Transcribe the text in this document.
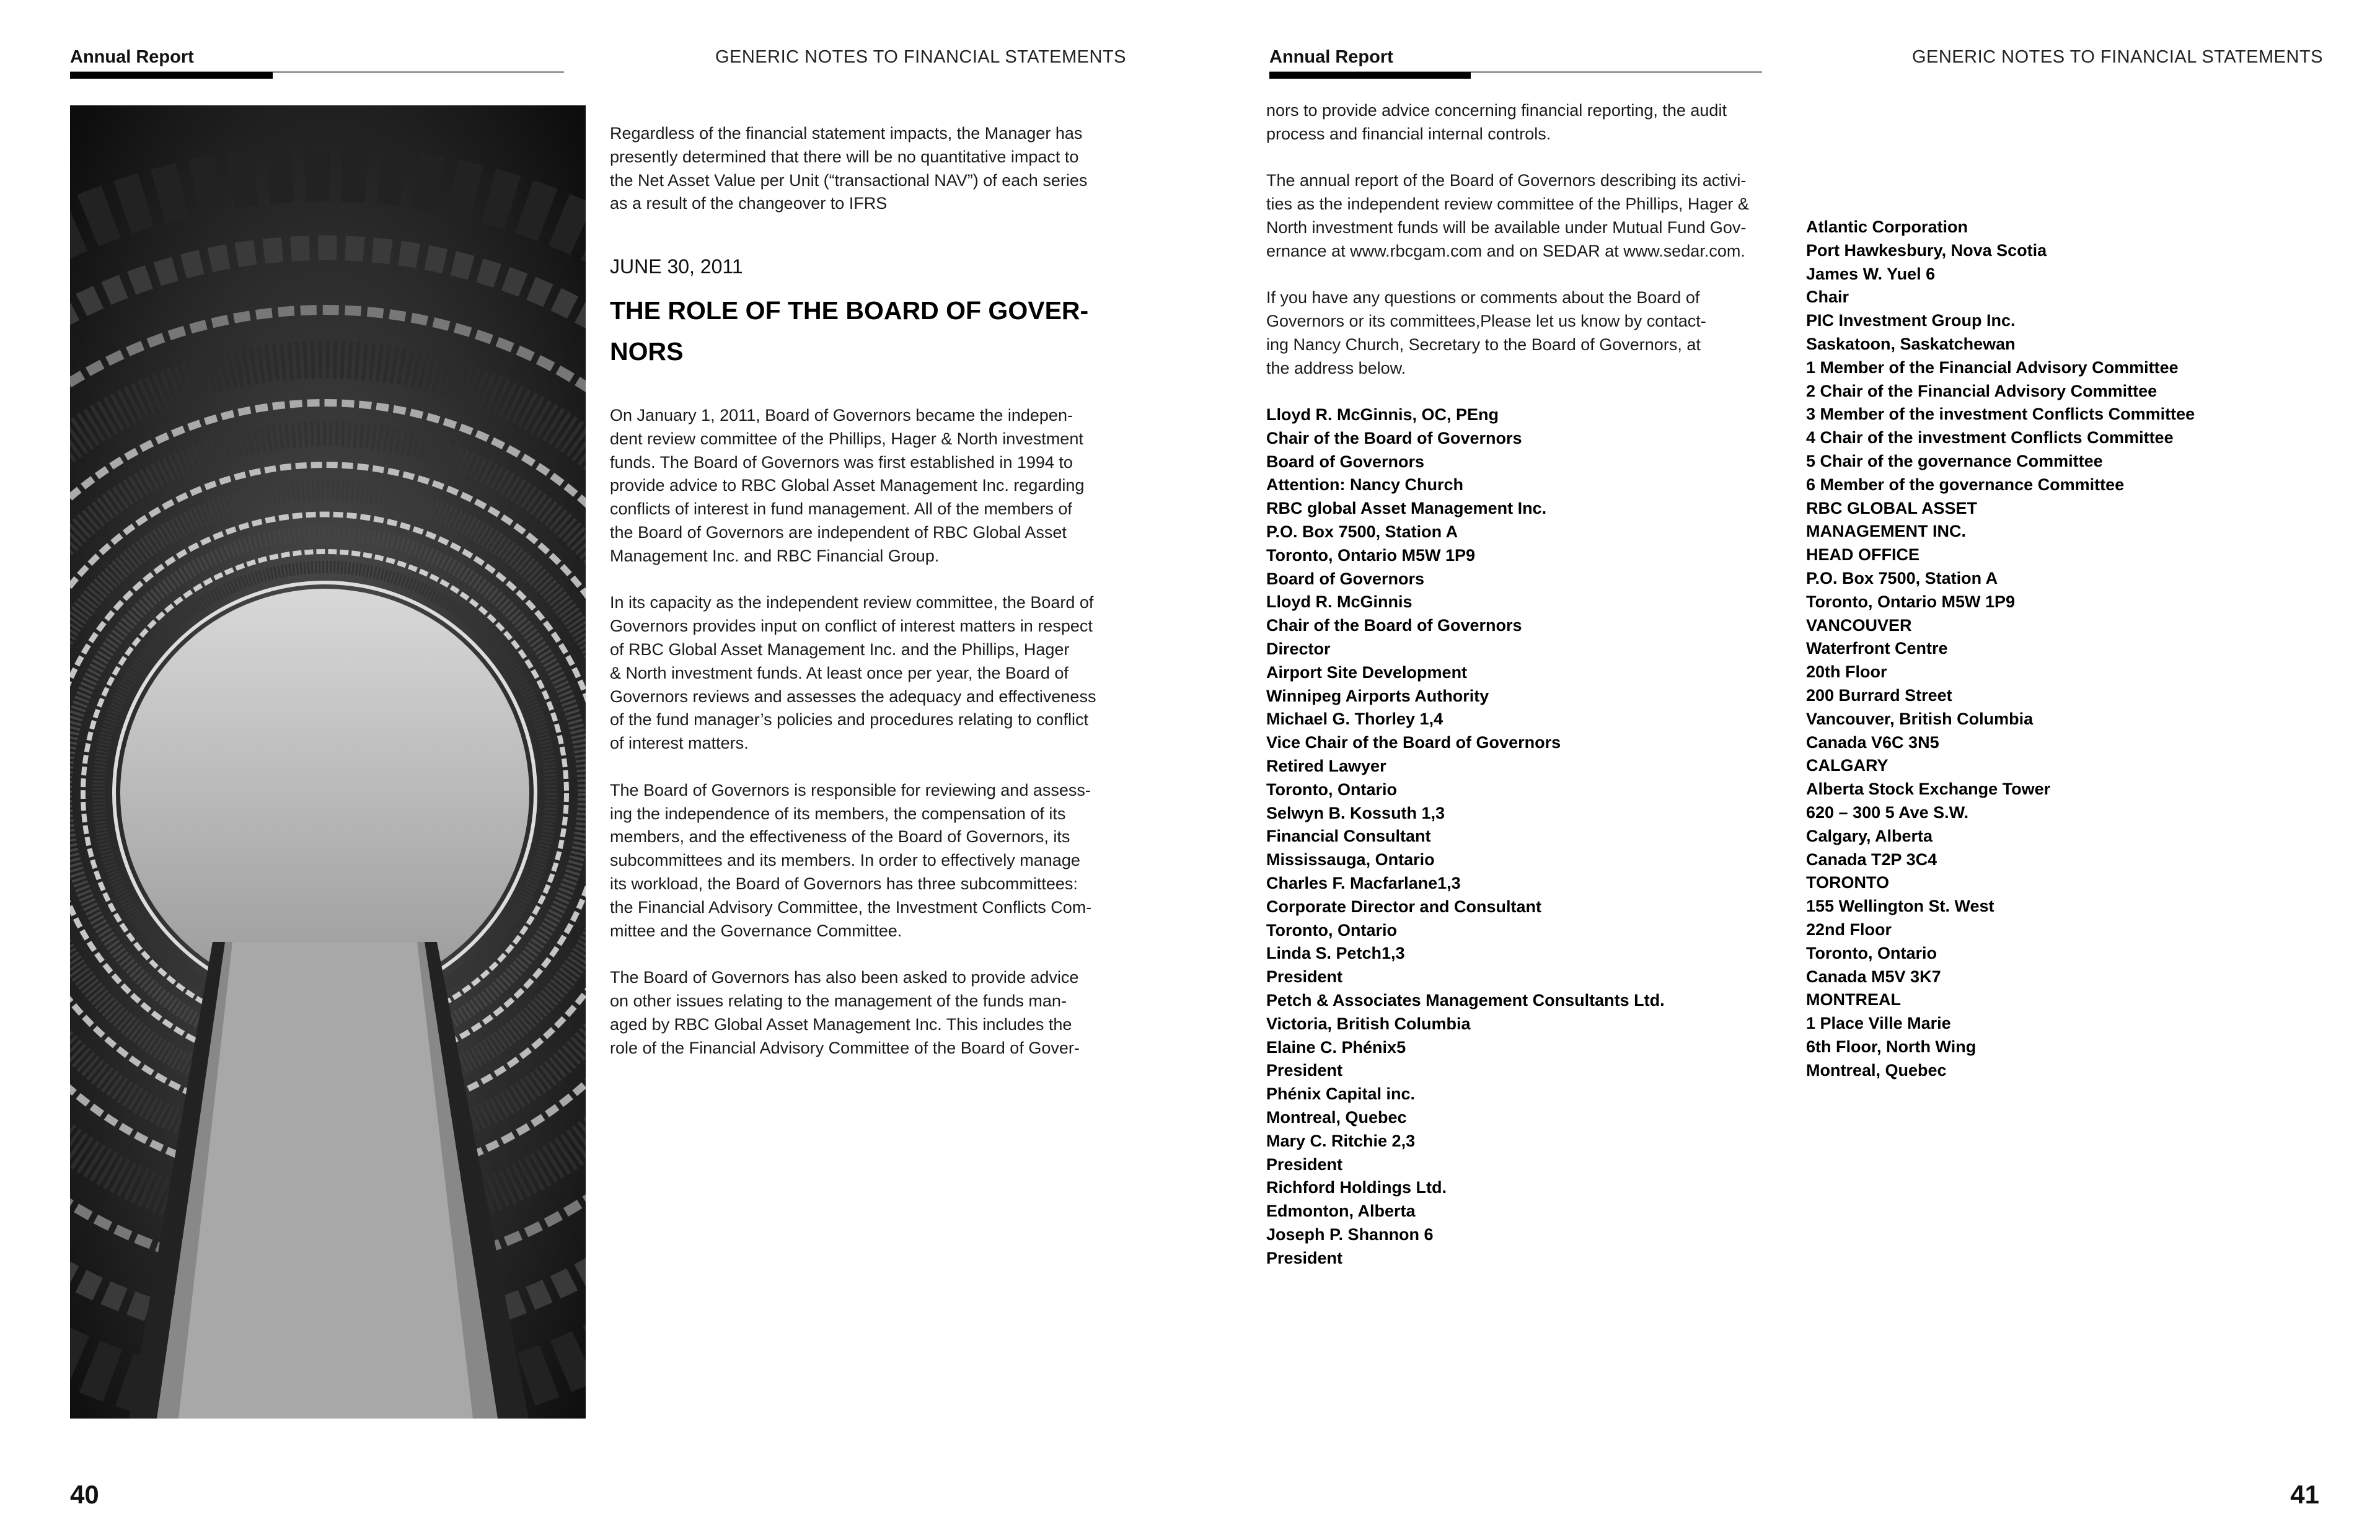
Annual Report	GENERIC NOTES TO FINANCIAL STATEMENTS
Regardless of the financial statement impacts, the Manager has
presently determined that there will be no quantitative impact to
the Net Asset Value per Unit (“transactional NAV”) of each series
as a result of the changeover to IFRS
JUNE 30, 2011
THE ROLE OF THE BOARD OF GOVER-
NORS
On January 1, 2011, Board of Governors became the indepen-
dent review committee of the Phillips, Hager & North investment
funds. The Board of Governors was first established in 1994 to
provide advice to RBC Global Asset Management Inc. regarding
conflicts of interest in fund management. All of the members of
the Board of Governors are independent of RBC Global Asset
Management Inc. and RBC Financial Group.
In its capacity as the independent review committee, the Board of
Governors provides input on conflict of interest matters in respect
of RBC Global Asset Management Inc. and the Phillips, Hager
& North investment funds. At least once per year, the Board of
Governors reviews and assesses the adequacy and effectiveness
of the fund manager’s policies and procedures relating to conflict
of interest matters.
The Board of Governors is responsible for reviewing and assess-
ing the independence of its members, the compensation of its
members, and the effectiveness of the Board of Governors, its
subcommittees and its members. In order to effectively manage
its workload, the Board of Governors has three subcommittees:
the Financial Advisory Committee, the Investment Conflicts Com-
mittee and the Governance Committee.
The Board of Governors has also been asked to provide advice
on other issues relating to the management of the funds man-
aged by RBC Global Asset Management Inc. This includes the
role of the Financial Advisory Committee of the Board of Gover-
40
Annual Report	GENERIC NOTES TO FINANCIAL STATEMENTS
nors to provide advice concerning financial reporting, the audit
process and financial internal controls.
The annual report of the Board of Governors describing its activi-
ties as the independent review committee of the Phillips, Hager &
North investment funds will be available under Mutual Fund Gov-
ernance at www.rbcgam.com and on SEDAR at www.sedar.com.
If you have any questions or comments about the Board of
Governors or its committees,Please let us know by contact-
ing Nancy Church, Secretary to the Board of Governors, at
the address below.
Lloyd R. McGinnis, OC, PEng
Chair of the Board of Governors
Board of Governors
Attention: Nancy Church
RBC global Asset Management Inc.
P.O. Box 7500, Station A
Toronto, Ontario M5W 1P9
Board of Governors
Lloyd R. McGinnis
Chair of the Board of Governors
Director
Airport Site Development
Winnipeg Airports Authority
Michael G. Thorley 1,4
Vice Chair of the Board of Governors
Retired Lawyer
Toronto, Ontario
Selwyn B. Kossuth 1,3
Financial Consultant
Mississauga, Ontario
Charles F. Macfarlane1,3
Corporate Director and Consultant
Toronto, Ontario
Linda S. Petch1,3
President
Petch & Associates Management Consultants Ltd.
Victoria, British Columbia
Elaine C. Phénix5
President
Phénix Capital inc.
Montreal, Quebec
Mary C. Ritchie 2,3
President
Richford Holdings Ltd.
Edmonton, Alberta
Joseph P. Shannon 6
President
Atlantic Corporation
Port Hawkesbury, Nova Scotia
James W. Yuel 6
Chair
PIC Investment Group Inc.
Saskatoon, Saskatchewan
1 Member of the Financial Advisory Committee
2 Chair of the Financial Advisory Committee
3 Member of the investment Conflicts Committee
4 Chair of the investment Conflicts Committee
5 Chair of the governance Committee
6 Member of the governance Committee
RBC GLOBAL ASSET
MANAGEMENT INC.
HEAD OFFICE
P.O. Box 7500, Station A
Toronto, Ontario M5W 1P9
VANCOUVER
Waterfront Centre
20th Floor
200 Burrard Street
Vancouver, British Columbia
Canada V6C 3N5
CALGARY
Alberta Stock Exchange Tower
620 – 300 5 Ave S.W.
Calgary, Alberta
Canada T2P 3C4
TORONTO
155 Wellington St. West
22nd Floor
Toronto, Ontario
Canada M5V 3K7
MONTREAL
1 Place Ville Marie
6th Floor, North Wing
Montreal, Quebec
41
